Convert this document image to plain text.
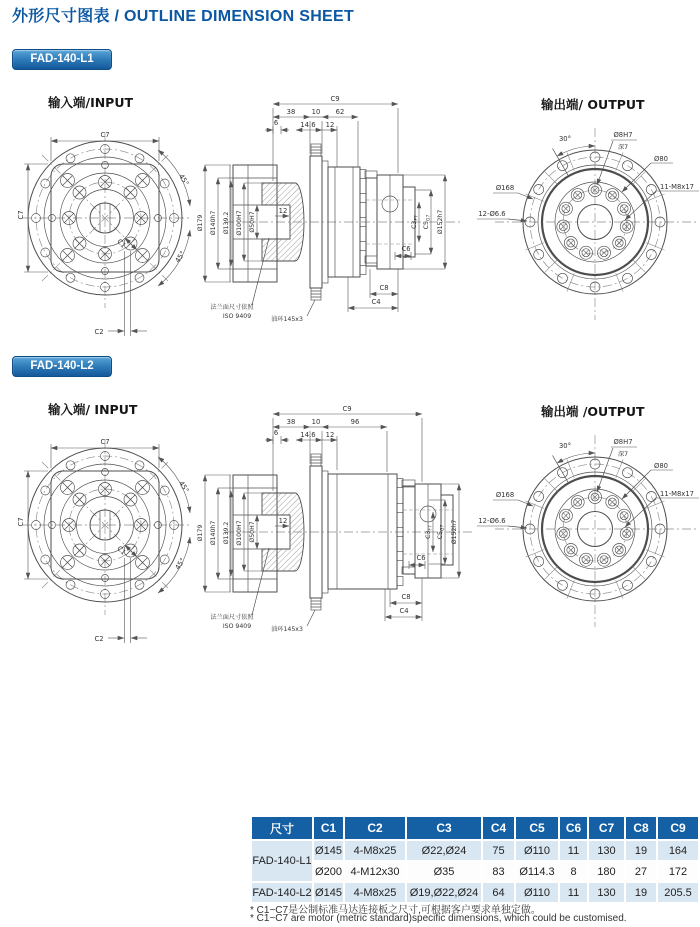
外形尺寸图表 / OUTLINE DIMENSION SHEET
FAD-140-L1
FAD-140-L2
输入端/INPUT
C7
C7
45°
45°
C1
C2
C9
38 10 62
6	14.6 12
Ø179 Ø140h7 Ø139.2 Ø100H7 Ø50H7
12
$C3_{F7}$
$C5_{G7}$ Ø152h7
C6
C8
C4
法兰面尺寸依照
ISO 9409	油环145x3
输出端/ OUTPUT
30°	Ø8H7
深7
Ø80
Ø168
12-Ø6.6
11-M8x17
输入端/ INPUT
C7
C7
45°
45°
C1
C2
C9
38 10	96
6	14.6 12
Ø179 Ø140h7 Ø139.2 Ø100H7 Ø50H7
12
$C3_{F7}$
$C5_{G7}$ Ø152h7
C6
C8
C4
法兰面尺寸依照
ISO 9409	油环145x3
输出端 /OUTPUT
30°	Ø8H7
深7
Ø80
Ø168
12-Ø6.6
11-M8x17
尺寸	C1	C2	C3	C4	C5	C6	C7	C8	C9
FAD-140-L1	Ø145	4-M8x25	Ø22,Ø24	75	Ø110	11	130	19	164
	Ø200	4-M12x30	Ø35	83	Ø114.3	8	180	27	172
FAD-140-L2	Ø145	4-M8x25	Ø19,Ø22,Ø24	64	Ø110	11	130	19	205.5
* C1~C7是公制标准马达连接板之尺寸,可根据客户要求单独定做。
* C1~C7 are motor (metric standard)specific dimensions, which could be customised.
